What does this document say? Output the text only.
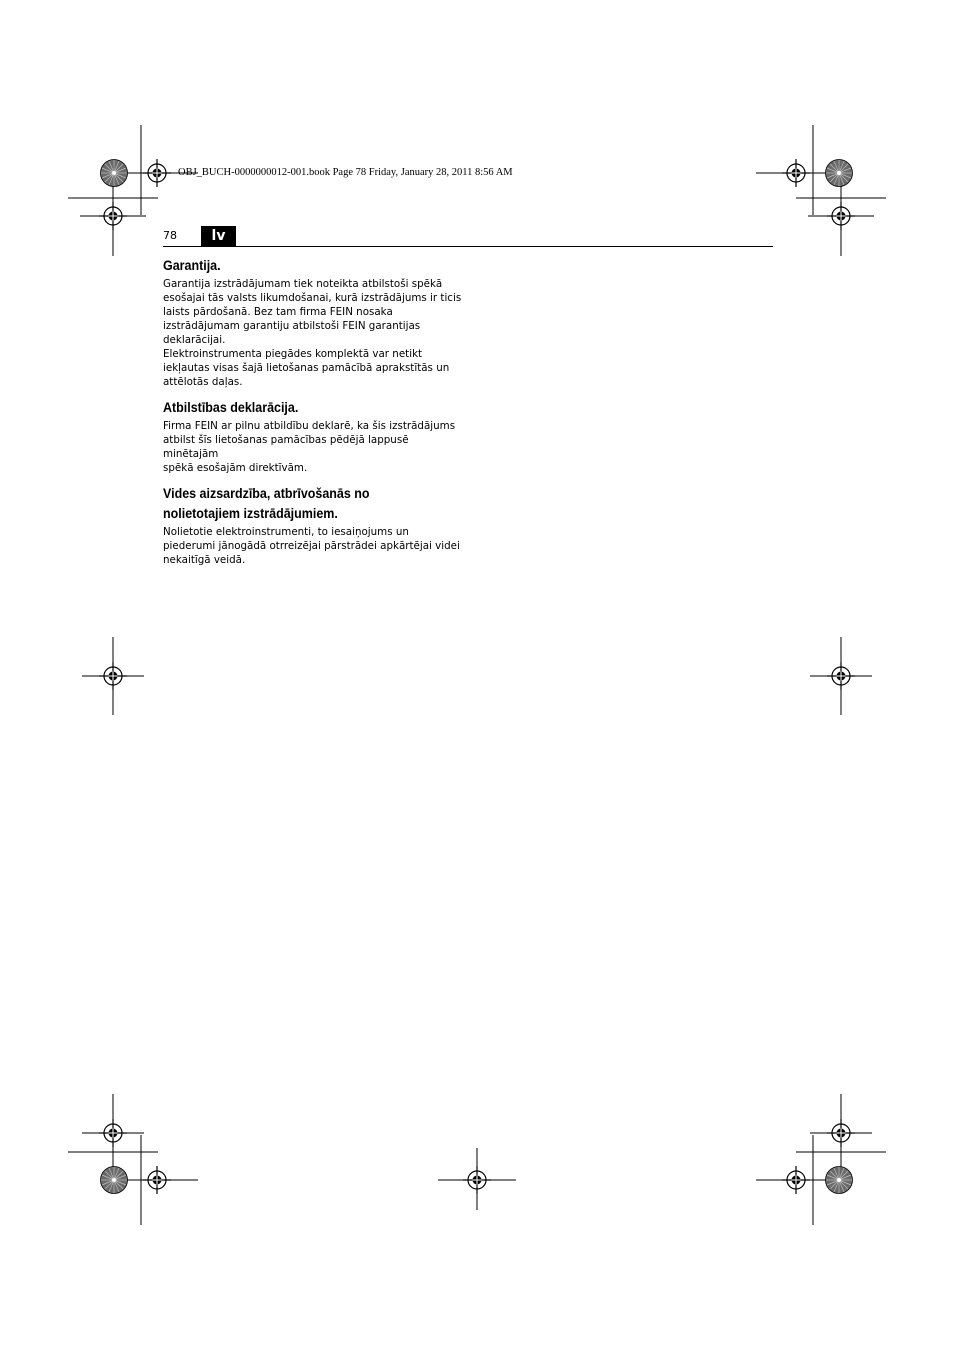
OBJ_BUCH-0000000012-001.book Page 78 Friday, January 28, 2011 8:56 AM
78	lv
Garantija.

Garantija izstrādājumam tiek noteikta atbilstoši spēkā
esošajai tās valsts likumdošanai, kurā izstrādājums ir ticis
laists pārdošanā. Bez tam firma FEIN nosaka
izstrādājumam garantiju atbilstoši FEIN garantijas
deklarācijai.

Elektroinstrumenta piegādes komplektā var netikt
iekļautas visas šajā lietošanas pamācībā aprakstītās un
attēlotās daļas.

Atbilstības deklarācija.

Firma FEIN ar pilnu atbildību deklarē, ka šis izstrādājums
atbilst šīs lietošanas pamācības pēdējā lappusē minētajām
spēkā esošajām direktīvām.

Vides aizsardzība, atbrīvošanās no
nolietotajiem izstrādājumiem.

Nolietotie elektroinstrumenti, to iesaiņojums un
piederumi jānogādā otrreizējai pārstrādei apkārtējai videi
nekaitīgā veidā.
